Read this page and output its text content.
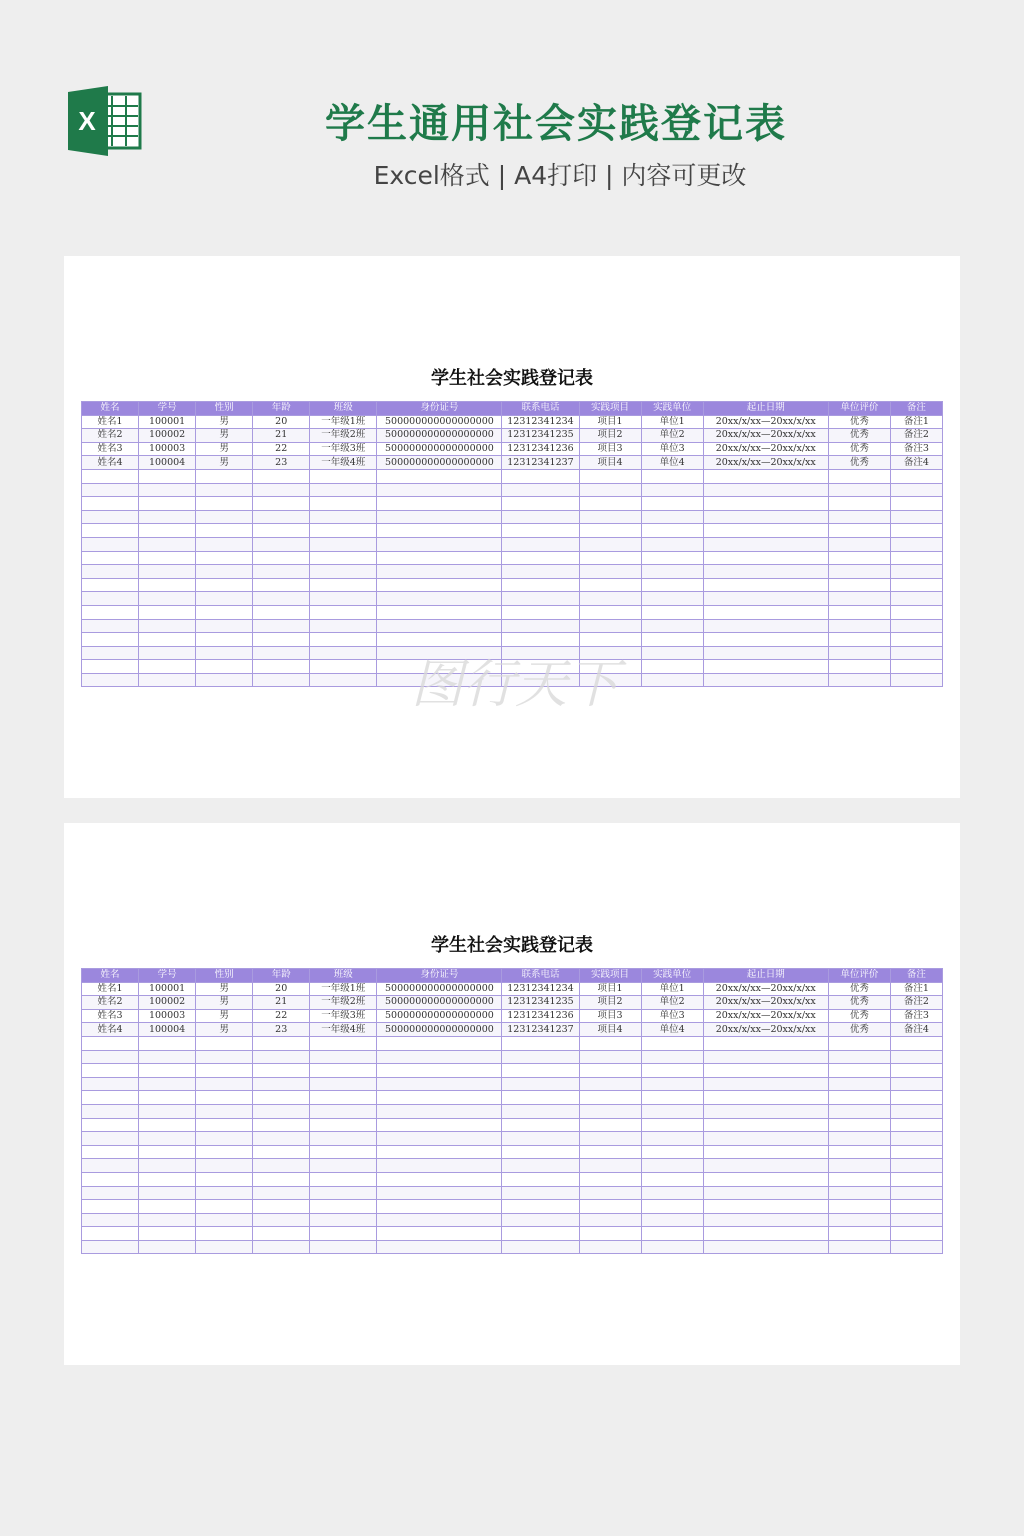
X	学生通用社会实践登记表
Excel格式 | A4打印 | 内容可更改
学生社会实践登记表
姓名	学号	性别	年龄	班级	身份证号	联系电话	实践项目	实践单位	起止日期	单位评价	备注
姓名1	100001	男	20	一年级1班	500000000000000000	12312341234	项目1	单位1	20xx/x/xx—20xx/x/xx	优秀	备注1
姓名2	100002	男	21	一年级2班	500000000000000000	12312341235	项目2	单位2	20xx/x/xx—20xx/x/xx	优秀	备注2
姓名3	100003	男	22	一年级3班	500000000000000000	12312341236	项目3	单位3	20xx/x/xx—20xx/x/xx	优秀	备注3
姓名4	100004	男	23	一年级4班	500000000000000000	12312341237	项目4	单位4	20xx/x/xx—20xx/x/xx	优秀	备注4

学生社会实践登记表
姓名	学号	性别	年龄	班级	身份证号	联系电话	实践项目	实践单位	起止日期	单位评价	备注
姓名1	100001	男	20	一年级1班	500000000000000000	12312341234	项目1	单位1	20xx/x/xx—20xx/x/xx	优秀	备注1
姓名2	100002	男	21	一年级2班	500000000000000000	12312341235	项目2	单位2	20xx/x/xx—20xx/x/xx	优秀	备注2
姓名3	100003	男	22	一年级3班	500000000000000000	12312341236	项目3	单位3	20xx/x/xx—20xx/x/xx	优秀	备注3
姓名4	100004	男	23	一年级4班	500000000000000000	12312341237	项目4	单位4	20xx/x/xx—20xx/x/xx	优秀	备注4

图行天下
